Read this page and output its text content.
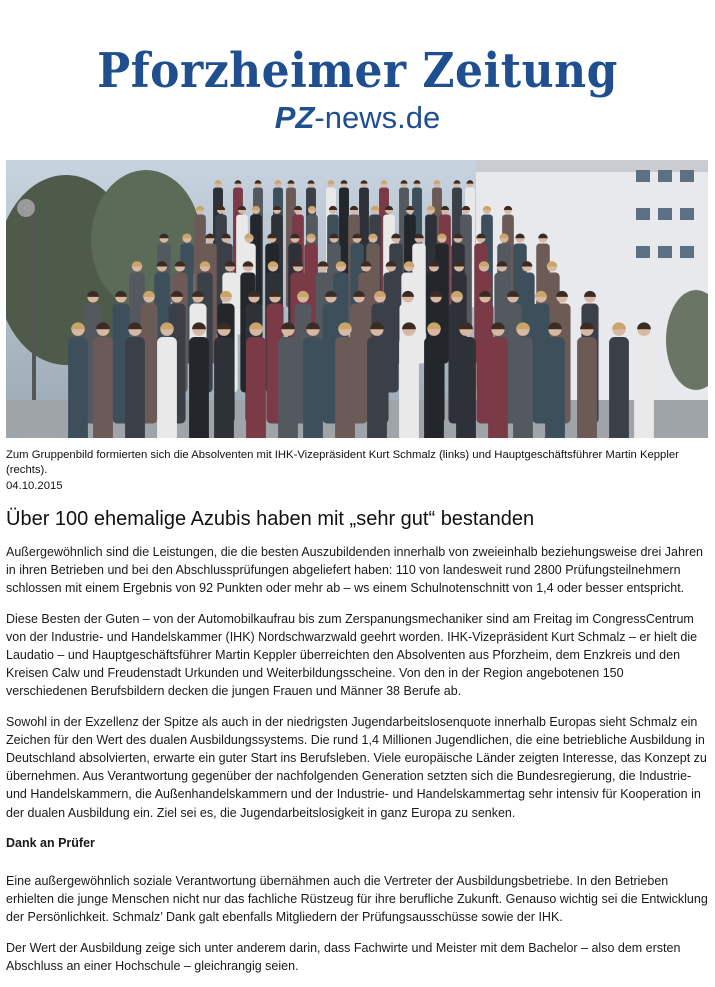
Pforzheimer Zeitung
PZ-news.de
Zum Gruppenbild formierten sich die Absolventen mit IHK-Vizepräsident Kurt Schmalz (links) und Hauptgeschäftsführer Martin Keppler (rechts).
04.10.2015
Über 100 ehemalige Azubis haben mit „sehr gut“ bestanden

Außergewöhnlich sind die Leistungen, die die besten Auszubildenden innerhalb von zweieinhalb beziehungsweise drei Jahren in ihren Betrieben und bei den Abschlussprüfungen abgeliefert haben: 110 von landesweit rund 2800 Prüfungsteilnehmern schlossen mit einem Ergebnis von 92 Punkten oder mehr ab – ws einem Schulnotenschnitt von 1,4 oder besser entspricht.

Diese Besten der Guten – von der Automobilkaufrau bis zum Zerspanungsmechaniker sind am Freitag im CongressCentrum von der Industrie- und Handelskammer (IHK) Nordschwarzwald geehrt worden. IHK-Vizepräsident Kurt Schmalz – er hielt die Laudatio – und Hauptgeschäftsführer Martin Keppler überreichten den Absolventen aus Pforzheim, dem Enzkreis und den Kreisen Calw und Freudenstadt Urkunden und Weiterbildungsscheine. Von den in der Region angebotenen 150 verschiedenen Berufsbildern decken die jungen Frauen und Männer 38 Berufe ab.

Sowohl in der Exzellenz der Spitze als auch in der niedrigsten Jugendarbeitslosenquote innerhalb Europas sieht Schmalz ein Zeichen für den Wert des dualen Ausbildungssystems. Die rund 1,4 Millionen Jugendlichen, die eine betriebliche Ausbildung in Deutschland absolvierten, erwarte ein guter Start ins Berufsleben. Viele europäische Länder zeigten Interesse, das Konzept zu übernehmen. Aus Verantwortung gegenüber der nachfolgenden Generation setzten sich die Bundesregierung, die Industrie- und Handelskammern, die Außenhandelskammern und der Industrie- und Handelskammertag sehr intensiv für Kooperation in der dualen Ausbildung ein. Ziel sei es, die Jugendarbeitslosigkeit in ganz Europa zu senken.

Dank an Prüfer

Eine außergewöhnlich soziale Verantwortung übernähmen auch die Vertreter der Ausbildungsbetriebe. In den Betrieben erhielten die junge Menschen nicht nur das fachliche Rüstzeug für ihre berufliche Zukunft. Genauso wichtig sei die Entwicklung der Persönlichkeit. Schmalz’ Dank galt ebenfalls Mitgliedern der Prüfungsausschüsse sowie der IHK.

Der Wert der Ausbildung zeige sich unter anderem darin, dass Fachwirte und Meister mit dem Bachelor – also dem ersten Abschluss an einer Hochschule – gleichrangig seien.
